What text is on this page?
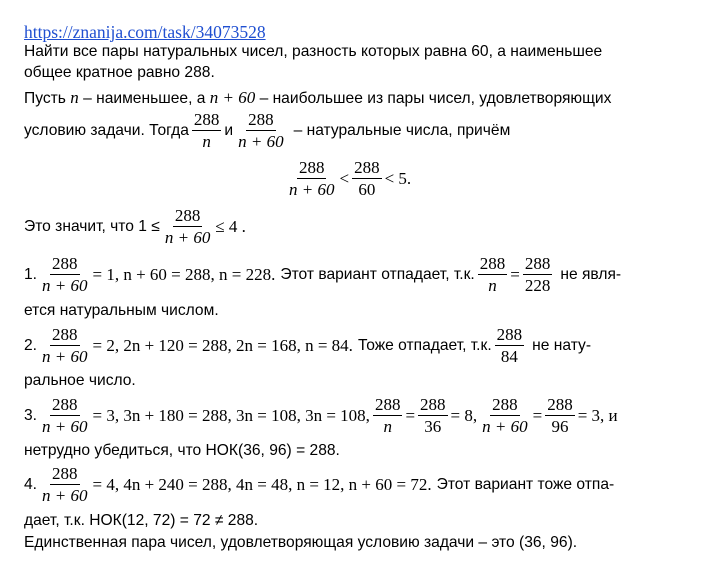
https://znanija.com/task/34073528
Найти все пары натуральных чисел, разность которых равна 60, а наименьшее
общее кратное равно 288.
Пусть n – наименьшее, а n + 60 – наибольшее из пары чисел, удовлетворяющих
условию задачи. Тогда $\frac{288}{n}$ и $\frac{288}{n + 60}$ – натуральные числа, причём
$\frac{288}{n + 60} < \frac{288}{60} < 5$.
Это значит, что $1 \le \frac{288}{n + 60} \le 4$ .
1. $\frac{288}{n + 60} = 1$, n + 60 = 288, n = 228. Этот вариант отпадает, т.к. $\frac{288}{n} = \frac{288}{228}$ не явля-
ется натуральным числом.
2. $\frac{288}{n + 60} = 2$, 2n + 120 = 288, 2n = 168, n = 84. Тоже отпадает, т.к. $\frac{288}{84}$ не нату-
ральное число.
3. $\frac{288}{n + 60} = 3$, 3n + 180 = 288, 3n = 108, 3n = 108, $\frac{288}{n} = \frac{288}{36} = 8$, $\frac{288}{n + 60} = \frac{288}{96} = 3$, и
нетрудно убедиться, что НОК(36, 96) = 288.
4. $\frac{288}{n + 60} = 4$, 4n + 240 = 288, 4n = 48, n = 12, n + 60 = 72. Этот вариант тоже отпа-
дает, т.к. НОК(12, 72) = 72 ≠ 288.
Единственная пара чисел, удовлетворяющая условию задачи – это (36, 96).
